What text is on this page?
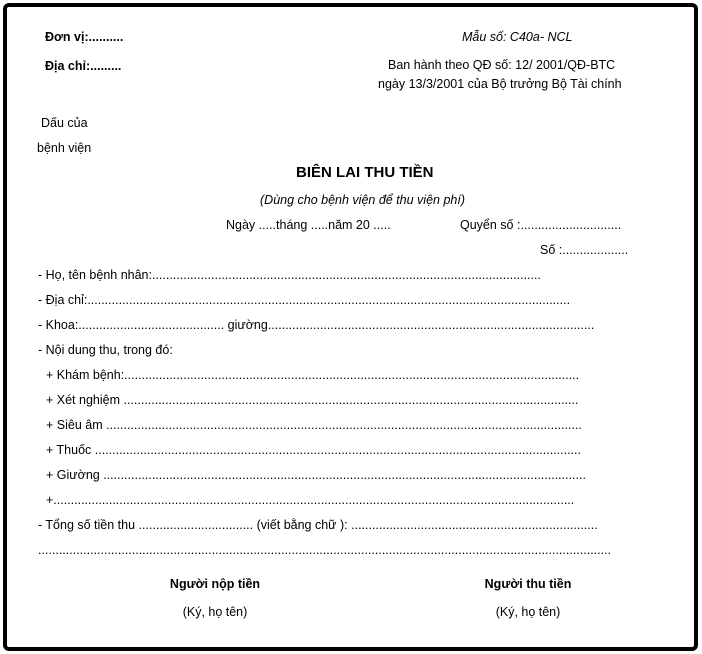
Đơn vị:..........
Địa chỉ:.........
Mẫu số: C40a- NCL
Ban hành theo QĐ số: 12/ 2001/QĐ-BTC
ngày 13/3/2001 của Bộ trưởng Bộ Tài chính
Dấu của
bệnh viện
BIÊN LAI THU TIỀN
(Dùng cho bệnh viện để thu viện phí)
Ngày .....tháng .....năm 20 .....	Quyển số :.............................
Số :...................
- Họ, tên bệnh nhân:................................................................................................................
- Địa chỉ:...........................................................................................................................................
- Khoa:.......................................... giường..............................................................................................
- Nội dung thu, trong đó:
+ Khám bệnh:...................................................................................................................................
+ Xét nghiệm ...................................................................................................................................
+ Siêu âm .........................................................................................................................................
+ Thuốc ............................................................................................................................................
+ Giường ...........................................................................................................................................
+......................................................................................................................................................
- Tổng số tiền thu ................................. (viết bằng chữ ): .......................................................................
.....................................................................................................................................................................
Người nộp tiền
(Ký, họ tên)
Người thu tiền
(Ký, họ tên)
